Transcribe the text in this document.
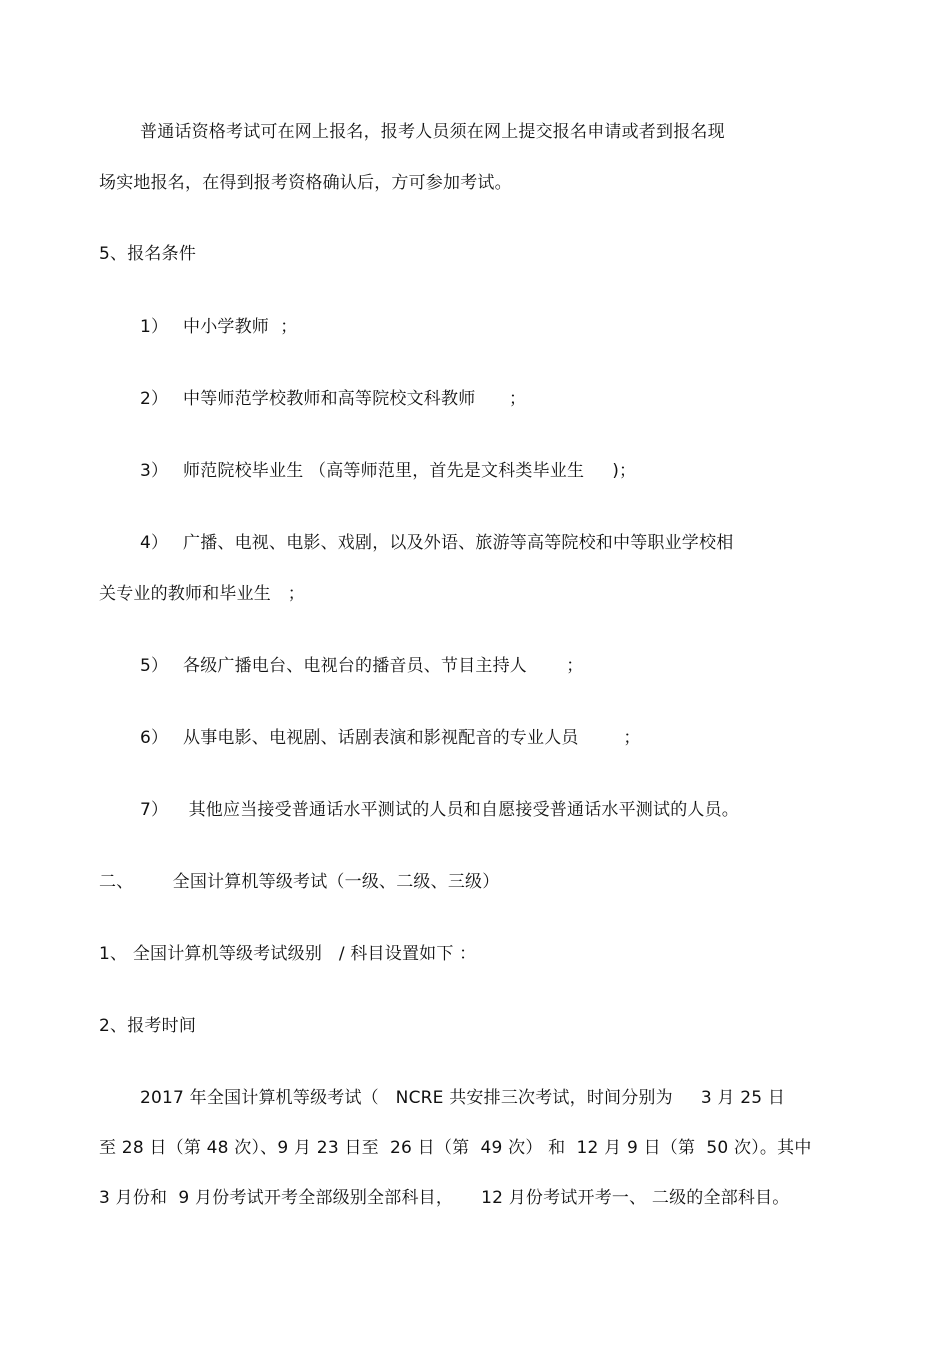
普通话资格考试可在网上报名，报考人员须在网上提交报名申请或者到报名现
场实地报名，在得到报考资格确认后，方可参加考试。
5、报名条件
1） 中小学教师  ；
2） 中等师范学校教师和高等院校文科教师      ；
3） 师范院校毕业生 （高等师范里，首先是文科类毕业生     )；
4） 广播、电视、电影、戏剧，以及外语、旅游等高等院校和中等职业学校相
关专业的教师和毕业生   ；
5） 各级广播电台、电视台的播音员、节目主持人       ；
6） 从事电影、电视剧、话剧表演和影视配音的专业人员        ；
7） 其他应当接受普通话水平测试的人员和自愿接受普通话水平测试的人员。
二、       全国计算机等级考试（一级、二级、三级）
1、 全国计算机等级考试级别   / 科目设置如下 ：
2、报考时间
2017 年全国计算机等级考试（   NCRE 共安排三次考试，时间分别为     3 月 25 日
至 28 日（第 48 次）、9 月 23 日至  26 日（第  49 次） 和  12 月 9 日（第  50 次）。其中
3 月份和  9 月份考试开考全部级别全部科目，     12 月份考试开考一、 二级的全部科目。
